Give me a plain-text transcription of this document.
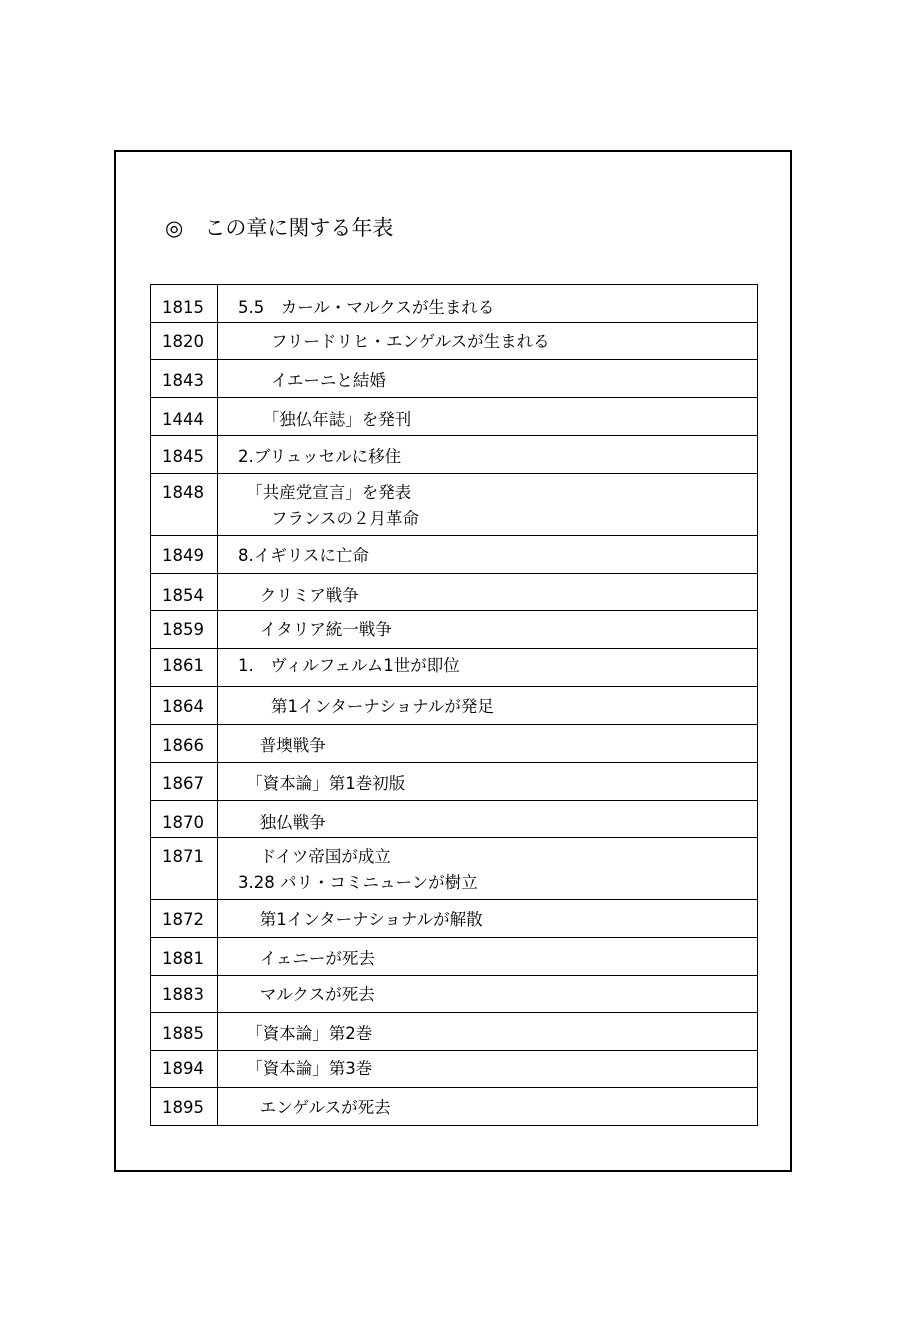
◎　この章に関する年表
1815	5.5　カール・マルクスが生まれる

1820	　　フリードリヒ・エンゲルスが生まれる

1843	　　イエーニと結婚

1444	　　「独仏年誌」を発刊

1845	2.ブリュッセルに移住

1848	　「共産党宣言」を発表
　　フランスの２月革命

1849	8.イギリスに亡命

1854	　 クリミア戦争

1859	　 イタリア統一戦争

1861	1.　ヴィルフェルム1世が即位

1864	　　第1インターナショナルが発足

1866	　 普墺戦争

1867	　「資本論」第1巻初版

1870	　 独仏戦争

1871	　 ドイツ帝国が成立
3.28 パリ・コミニューンが樹立

1872	　 第1インターナショナルが解散

1881	　 イェニーが死去

1883	　 マルクスが死去

1885	　「資本論」第2巻

1894	　「資本論」第3巻

1895	　 エンゲルスが死去
